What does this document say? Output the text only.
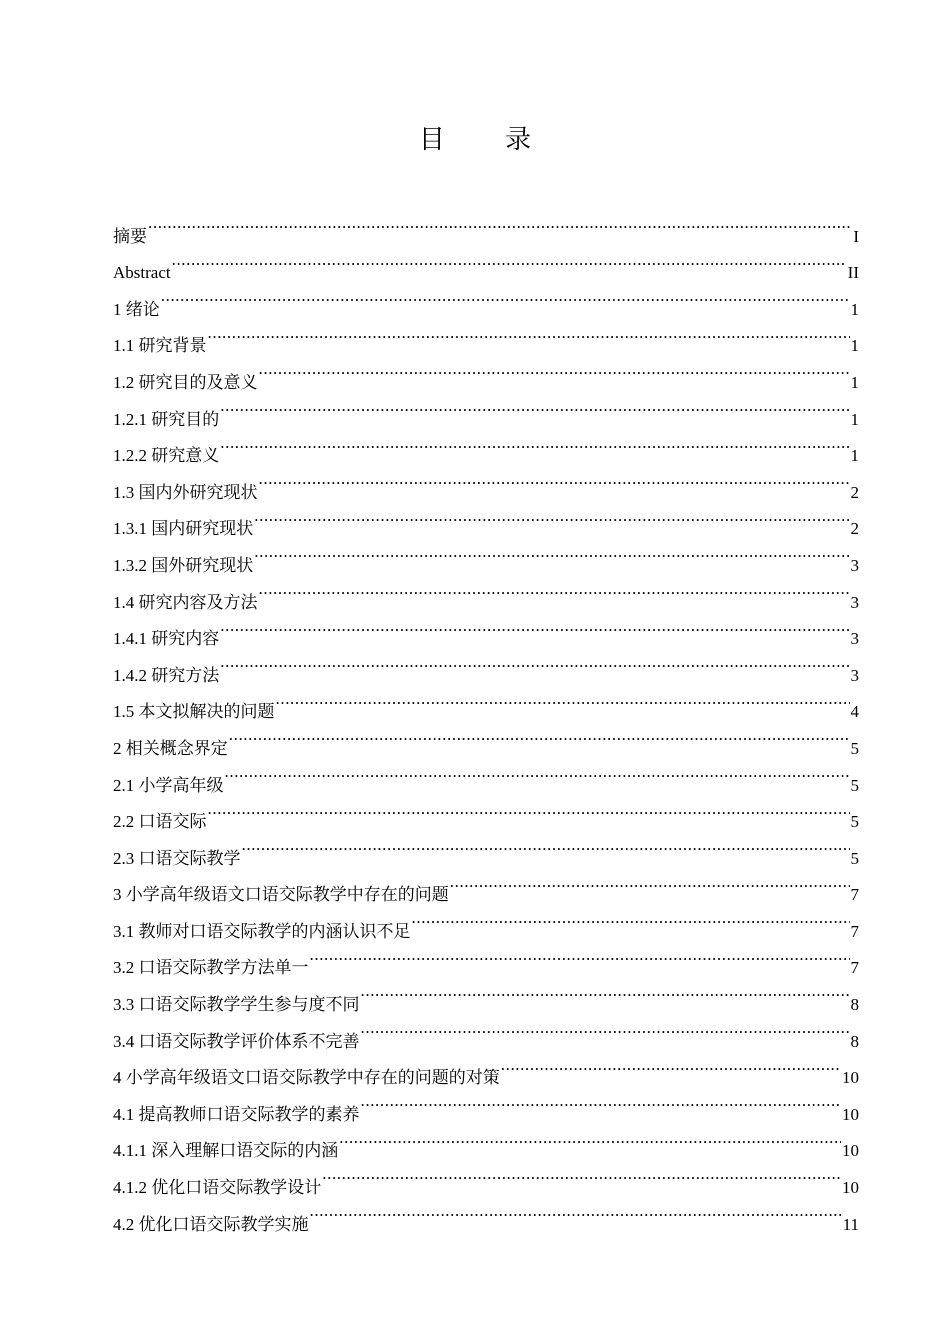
目 录
摘要 .....	I
Abstract .....	II
1 绪论 .....	1
1.1 研究背景 .....	1
1.2 研究目的及意义 .....	1
1.2.1 研究目的 .....	1
1.2.2 研究意义 .....	1
1.3 国内外研究现状 .....	2
1.3.1 国内研究现状 .....	2
1.3.2 国外研究现状 .....	3
1.4 研究内容及方法 .....	3
1.4.1 研究内容 .....	3
1.4.2 研究方法 .....	3
1.5 本文拟解决的问题 .....	4
2 相关概念界定 .....	5
2.1 小学高年级 .....	5
2.2 口语交际 .....	5
2.3 口语交际教学 .....	5
3 小学高年级语文口语交际教学中存在的问题 .....	7
3.1 教师对口语交际教学的内涵认识不足 .....	7
3.2 口语交际教学方法单一 .....	7
3.3 口语交际教学学生参与度不同 .....	8
3.4 口语交际教学评价体系不完善 .....	8
4 小学高年级语文口语交际教学中存在的问题的对策 .....	10
4.1 提高教师口语交际教学的素养 .....	10
4.1.1 深入理解口语交际的内涵 .....	10
4.1.2 优化口语交际教学设计 .....	10
4.2 优化口语交际教学实施 .....	11
